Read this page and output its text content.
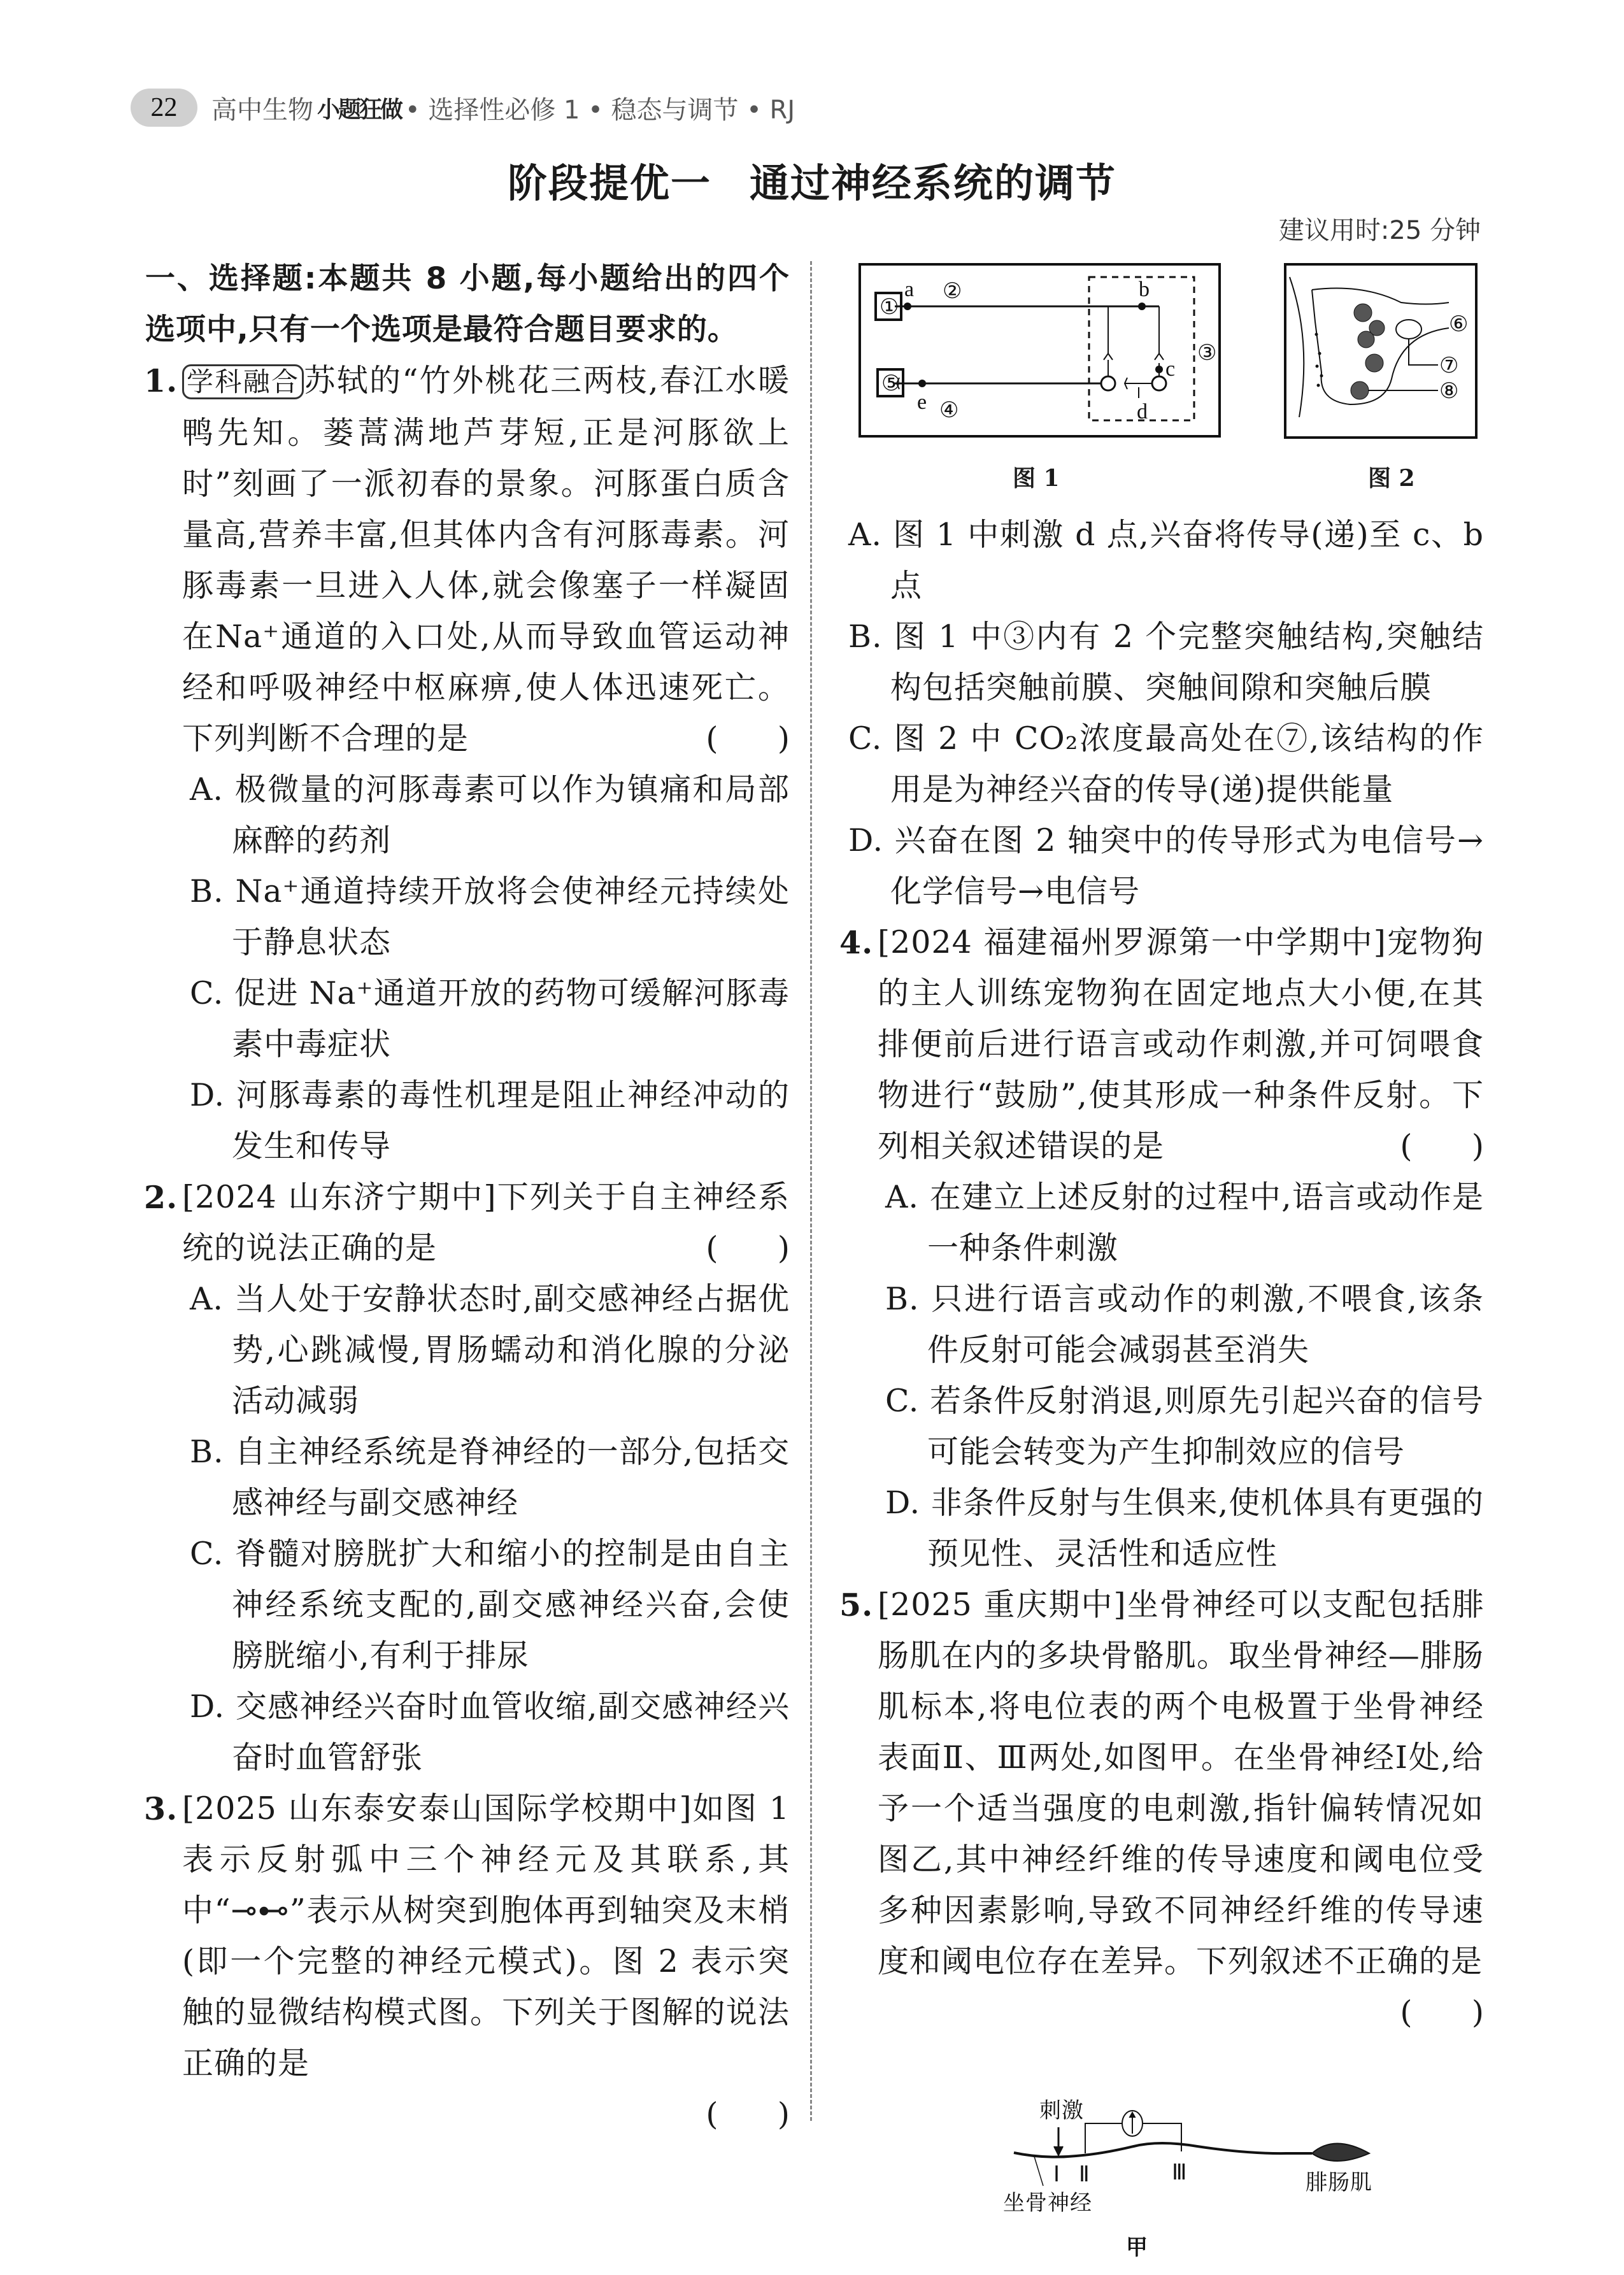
22	高中生物 小题狂做 • 选择性必修 1 • 稳态与调节 • RJ
阶段提优一 通过神经系统的调节
建议用时:25 分钟
一、选择题:本题共 8 小题,每小题给出的四个选项中,只有一个选项是最符合题目要求的。
1. 学科融合 苏轼的“竹外桃花三两枝,春江水暖鸭先知。蒌蒿满地芦芽短,正是河豚欲上时”刻画了一派初春的景象。河豚蛋白质含量高,营养丰富,但其体内含有河豚毒素。河豚毒素一旦进入人体,就会像塞子一样凝固在Na⁺通道的入口处,从而导致血管运动神经和呼吸神经中枢麻痹,使人体迅速死亡。下列判断不合理的是	(      )
A. 极微量的河豚毒素可以作为镇痛和局部麻醉的药剂
B. Na⁺通道持续开放将会使神经元持续处于静息状态
C. 促进 Na⁺通道开放的药物可缓解河豚毒素中毒症状
D. 河豚毒素的毒性机理是阻止神经冲动的发生和传导
2. [2024 山东济宁期中]下列关于自主神经系统的说法正确的是	(      )
A. 当人处于安静状态时,副交感神经占据优势,心跳减慢,胃肠蠕动和消化腺的分泌活动减弱
B. 自主神经系统是脊神经的一部分,包括交感神经与副交感神经
C. 脊髓对膀胱扩大和缩小的控制是由自主神经系统支配的,副交感神经兴奋,会使膀胱缩小,有利于排尿
D. 交感神经兴奋时血管收缩,副交感神经兴奋时血管舒张
3. [2025 山东泰安泰山国际学校期中]如图 1 表示反射弧中三个神经元及其联系,其中“⊸⊷”表示从树突到胞体再到轴突及末梢(即一个完整的神经元模式)。图 2 表示突触的显微结构模式图。下列关于图解的说法正确的是
(      )
①
②
③
④
⑤
a	b
c
d
e
⑥
⑦
⑧
图 1	图 2
A. 图 1 中刺激 d 点,兴奋将传导(递)至 c、b 点
B. 图 1 中③内有 2 个完整突触结构,突触结构包括突触前膜、突触间隙和突触后膜
C. 图 2 中 CO₂浓度最高处在⑦,该结构的作用是为神经兴奋的传导(递)提供能量
D. 兴奋在图 2 轴突中的传导形式为电信号→化学信号→电信号
4. [2024 福建福州罗源第一中学期中]宠物狗的主人训练宠物狗在固定地点大小便,在其排便前后进行语言或动作刺激,并可饲喂食物进行“鼓励”,使其形成一种条件反射。下列相关叙述错误的是	(      )
A. 在建立上述反射的过程中,语言或动作是一种条件刺激
B. 只进行语言或动作的刺激,不喂食,该条件反射可能会减弱甚至消失
C. 若条件反射消退,则原先引起兴奋的信号可能会转变为产生抑制效应的信号
D. 非条件反射与生俱来,使机体具有更强的预见性、灵活性和适应性
5. [2025 重庆期中]坐骨神经可以支配包括腓肠肌在内的多块骨骼肌。取坐骨神经—腓肠肌标本,将电位表的两个电极置于坐骨神经表面Ⅱ、Ⅲ两处,如图甲。在坐骨神经Ⅰ处,给予一个适当强度的电刺激,指针偏转情况如图乙,其中神经纤维的传导速度和阈电位受多种因素影响,导致不同神经纤维的传导速度和阈电位存在差异。下列叙述不正确的是
(      )
刺激
坐骨神经
腓肠肌
Ⅰ Ⅱ	Ⅲ
甲
